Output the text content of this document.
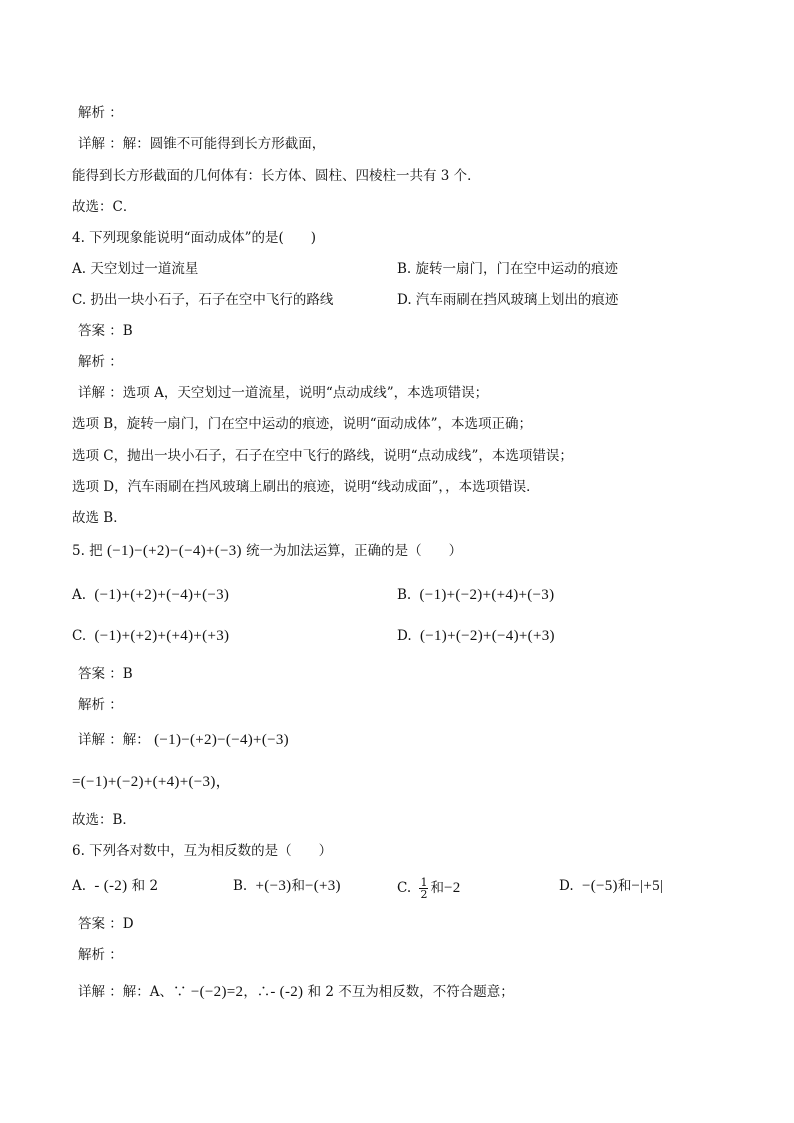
解析 ：
详解 ：解：圆锥不可能得到长方形截面，
能得到长方形截面的几何体有：长方体、圆柱、四棱柱一共有 3 个．
故选：C．
4. 下列现象能说明“面动成体”的是(　　)
A. 天空划过一道流星	B. 旋转一扇门，门在空中运动的痕迹
C. 扔出一块小石子，石子在空中飞行的路线	D. 汽车雨刷在挡风玻璃上划出的痕迹
答案 ：B
解析 ：
详解 ：选项 A，天空划过一道流星，说明“点动成线”，本选项错误；
选项 B，旋转一扇门，门在空中运动的痕迹，说明“面动成体”，本选项正确；
选项 C，抛出一块小石子，石子在空中飞行的路线，说明“点动成线”，本选项错误；
选项 D，汽车雨刷在挡风玻璃上刷出的痕迹，说明“线动成面”，，本选项错误．
故选 B．
5. 把 (−1)−(+2)−(−4)+(−3) 统一为加法运算，正确的是（　　）
A. (−1)+(+2)+(−4)+(−3)	B. (−1)+(−2)+(+4)+(−3)
C. (−1)+(+2)+(+4)+(+3)	D. (−1)+(−2)+(−4)+(+3)
答案 ：B
解析 ：
详解 ：解： (−1)−(+2)−(−4)+(−3)
=(−1)+(−2)+(+4)+(−3)，
故选：B．
6. 下列各对数中，互为相反数的是（　　）
A. - (-2) 和 2	B. +(−3)和−(+3)	C. $\frac{1}{2}$ 和−2	D. −(−5)和−|+5|
答案 ：D
解析 ：
详解 ：解：A、∵ −(−2)=2，∴- (-2) 和 2 不互为相反数，不符合题意；
